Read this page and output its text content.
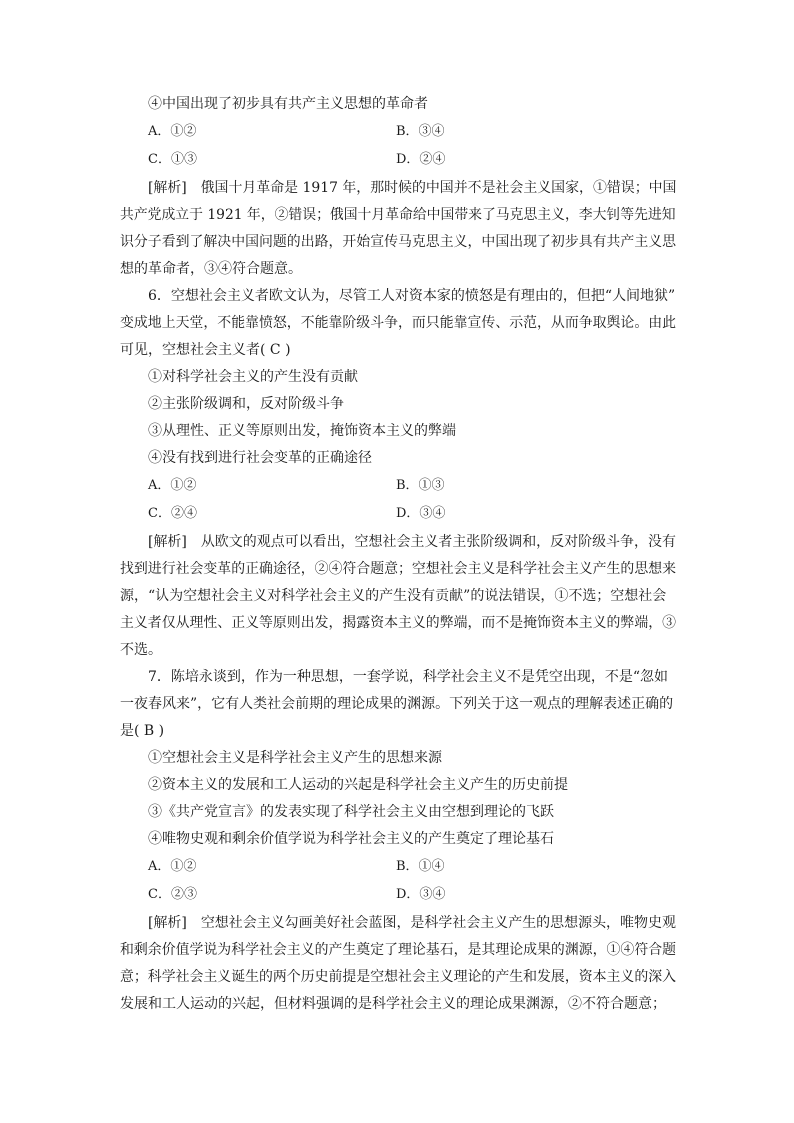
④中国出现了初步具有共产主义思想的革命者
A．①②	B．③④
C．①③	D．②④
[解析]　俄国十月革命是 1917 年，那时候的中国并不是社会主义国家，①错误；中国
共产党成立于 1921 年，②错误；俄国十月革命给中国带来了马克思主义，李大钊等先进知
识分子看到了解决中国问题的出路，开始宣传马克思主义，中国出现了初步具有共产主义思
想的革命者，③④符合题意。
6．空想社会主义者欧文认为，尽管工人对资本家的愤怒是有理由的，但把“人间地狱”
变成地上天堂，不能靠愤怒，不能靠阶级斗争，而只能靠宣传、示范，从而争取舆论。由此
可见，空想社会主义者( C )
①对科学社会主义的产生没有贡献
②主张阶级调和，反对阶级斗争
③从理性、正义等原则出发，掩饰资本主义的弊端
④没有找到进行社会变革的正确途径
A．①②	B．①③
C．②④	D．③④
[解析]　从欧文的观点可以看出，空想社会主义者主张阶级调和，反对阶级斗争，没有
找到进行社会变革的正确途径，②④符合题意；空想社会主义是科学社会主义产生的思想来
源，“认为空想社会主义对科学社会主义的产生没有贡献”的说法错误，①不选；空想社会
主义者仅从理性、正义等原则出发，揭露资本主义的弊端，而不是掩饰资本主义的弊端，③
不选。
7．陈培永谈到，作为一种思想，一套学说，科学社会主义不是凭空出现，不是“忽如
一夜春风来”，它有人类社会前期的理论成果的渊源。下列关于这一观点的理解表述正确的
是( B )
①空想社会主义是科学社会主义产生的思想来源
②资本主义的发展和工人运动的兴起是科学社会主义产生的历史前提
③《共产党宣言》的发表实现了科学社会主义由空想到理论的飞跃
④唯物史观和剩余价值学说为科学社会主义的产生奠定了理论基石
A．①②	B．①④
C．②③	D．③④
[解析]　空想社会主义勾画美好社会蓝图，是科学社会主义产生的思想源头，唯物史观
和剩余价值学说为科学社会主义的产生奠定了理论基石，是其理论成果的渊源，①④符合题
意；科学社会主义诞生的两个历史前提是空想社会主义理论的产生和发展，资本主义的深入
发展和工人运动的兴起，但材料强调的是科学社会主义的理论成果渊源，②不符合题意；
